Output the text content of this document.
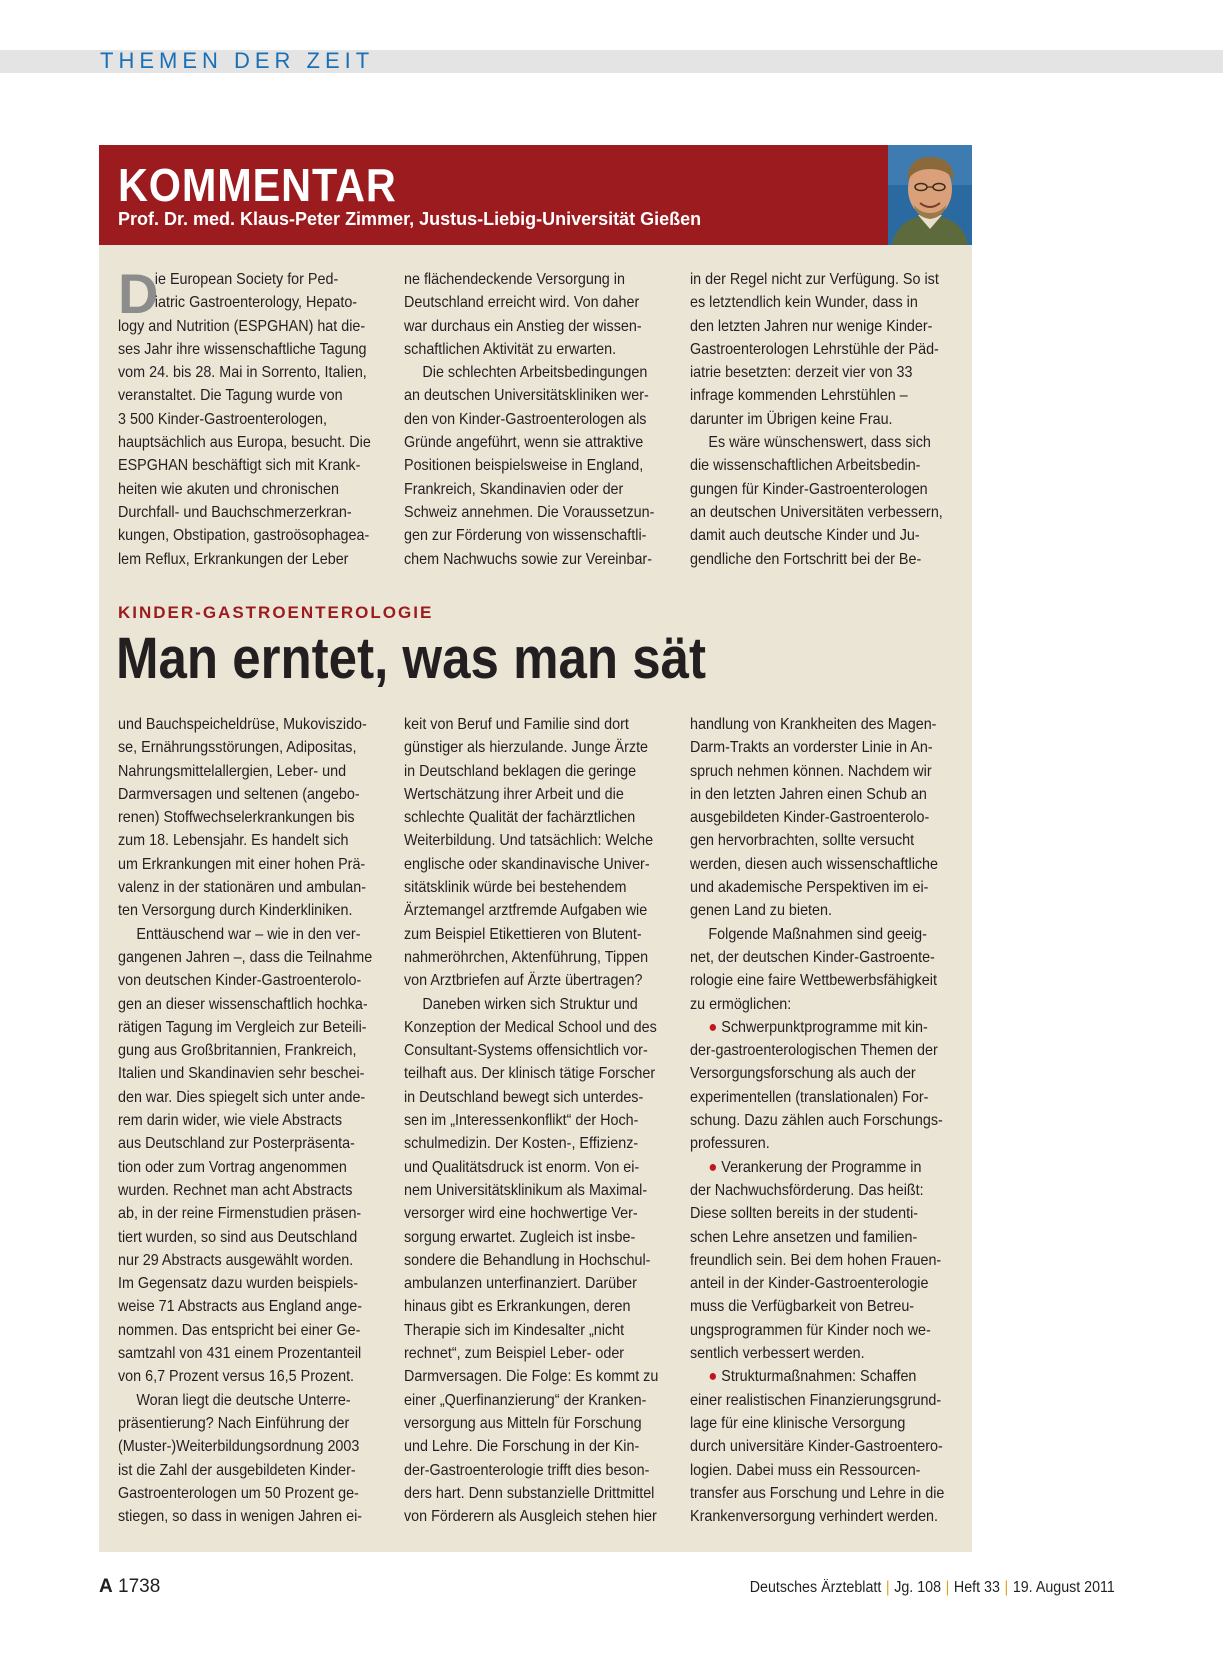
THEMEN DER ZEIT
KOMMENTAR
Prof. Dr. med. Klaus-Peter Zimmer, Justus-Liebig-Universität Gießen
D
ie European Society for Ped-
iatric Gastroenterology, Hepato-
logy and Nutrition (ESPGHAN) hat die-
ses Jahr ihre wissenschaftliche Tagung
vom 24. bis 28. Mai in Sorrento, Italien,
veranstaltet. Die Tagung wurde von
3 500 Kinder-Gastroenterologen,
hauptsächlich aus Europa, besucht. Die
ESPGHAN beschäftigt sich mit Krank-
heiten wie akuten und chronischen
Durchfall- und Bauchschmerzerkran-
kungen, Obstipation, gastroösophagea-
lem Reflux, Erkrankungen der Leber
ne flächendeckende Versorgung in
Deutschland erreicht wird. Von daher
war durchaus ein Anstieg der wissen-
schaftlichen Aktivität zu erwarten.
Die schlechten Arbeitsbedingungen
an deutschen Universitätskliniken wer-
den von Kinder-Gastroenterologen als
Gründe angeführt, wenn sie attraktive
Positionen beispielsweise in England,
Frankreich, Skandinavien oder der
Schweiz annehmen. Die Voraussetzun-
gen zur Förderung von wissenschaftli-
chem Nachwuchs sowie zur Vereinbar-
in der Regel nicht zur Verfügung. So ist
es letztendlich kein Wunder, dass in
den letzten Jahren nur wenige Kinder-
Gastroenterologen Lehrstühle der Päd-
iatrie besetzten: derzeit vier von 33
infrage kommenden Lehrstühlen –
darunter im Übrigen keine Frau.
Es wäre wünschenswert, dass sich
die wissenschaftlichen Arbeitsbedin-
gungen für Kinder-Gastroenterologen
an deutschen Universitäten verbessern,
damit auch deutsche Kinder und Ju-
gendliche den Fortschritt bei der Be-
KINDER-GASTROENTEROLOGIE
Man erntet, was man sät
und Bauchspeicheldrüse, Mukoviszido-
se, Ernährungsstörungen, Adipositas,
Nahrungsmittelallergien, Leber- und
Darmversagen und seltenen (angebo-
renen) Stoffwechselerkrankungen bis
zum 18. Lebensjahr. Es handelt sich
um Erkrankungen mit einer hohen Prä-
valenz in der stationären und ambulan-
ten Versorgung durch Kinderkliniken.
Enttäuschend war – wie in den ver-
gangenen Jahren –, dass die Teilnahme
von deutschen Kinder-Gastroenterolo-
gen an dieser wissenschaftlich hochka-
rätigen Tagung im Vergleich zur Beteili-
gung aus Großbritannien, Frankreich,
Italien und Skandinavien sehr beschei-
den war. Dies spiegelt sich unter ande-
rem darin wider, wie viele Abstracts
aus Deutschland zur Posterpräsenta-
tion oder zum Vortrag angenommen
wurden. Rechnet man acht Abstracts
ab, in der reine Firmenstudien präsen-
tiert wurden, so sind aus Deutschland
nur 29 Abstracts ausgewählt worden.
Im Gegensatz dazu wurden beispiels-
weise 71 Abstracts aus England ange-
nommen. Das entspricht bei einer Ge-
samtzahl von 431 einem Prozentanteil
von 6,7 Prozent versus 16,5 Prozent.
Woran liegt die deutsche Unterre-
präsentierung? Nach Einführung der
(Muster-)Weiterbildungsordnung 2003
ist die Zahl der ausgebildeten Kinder-
Gastroenterologen um 50 Prozent ge-
stiegen, so dass in wenigen Jahren ei-
keit von Beruf und Familie sind dort
günstiger als hierzulande. Junge Ärzte
in Deutschland beklagen die geringe
Wertschätzung ihrer Arbeit und die
schlechte Qualität der fachärztlichen
Weiterbildung. Und tatsächlich: Welche
englische oder skandinavische Univer-
sitätsklinik würde bei bestehendem
Ärztemangel arztfremde Aufgaben wie
zum Beispiel Etikettieren von Blutent-
nahmeröhrchen, Aktenführung, Tippen
von Arztbriefen auf Ärzte übertragen?
Daneben wirken sich Struktur und
Konzeption der Medical School und des
Consultant-Systems offensichtlich vor-
teilhaft aus. Der klinisch tätige Forscher
in Deutschland bewegt sich unterdes-
sen im „Interessenkonflikt“ der Hoch-
schulmedizin. Der Kosten-, Effizienz-
und Qualitätsdruck ist enorm. Von ei-
nem Universitätsklinikum als Maximal-
versorger wird eine hochwertige Ver-
sorgung erwartet. Zugleich ist insbe-
sondere die Behandlung in Hochschul-
ambulanzen unterfinanziert. Darüber
hinaus gibt es Erkrankungen, deren
Therapie sich im Kindesalter „nicht
rechnet“, zum Beispiel Leber- oder
Darmversagen. Die Folge: Es kommt zu
einer „Querfinanzierung“ der Kranken-
versorgung aus Mitteln für Forschung
und Lehre. Die Forschung in der Kin-
der-Gastroenterologie trifft dies beson-
ders hart. Denn substanzielle Drittmittel
von Förderern als Ausgleich stehen hier
handlung von Krankheiten des Magen-
Darm-Trakts an vorderster Linie in An-
spruch nehmen können. Nachdem wir
in den letzten Jahren einen Schub an
ausgebildeten Kinder-Gastroenterolo-
gen hervorbrachten, sollte versucht
werden, diesen auch wissenschaftliche
und akademische Perspektiven im ei-
genen Land zu bieten.
Folgende Maßnahmen sind geeig-
net, der deutschen Kinder-Gastroente-
rologie eine faire Wettbewerbsfähigkeit
zu ermöglichen:
● Schwerpunktprogramme mit kin-
der-gastroenterologischen Themen der
Versorgungsforschung als auch der
experimentellen (translationalen) For-
schung. Dazu zählen auch Forschungs-
professuren.
● Verankerung der Programme in
der Nachwuchsförderung. Das heißt:
Diese sollten bereits in der studenti-
schen Lehre ansetzen und familien-
freundlich sein. Bei dem hohen Frauen-
anteil in der Kinder-Gastroenterologie
muss die Verfügbarkeit von Betreu-
ungsprogrammen für Kinder noch we-
sentlich verbessert werden.
● Strukturmaßnahmen: Schaffen
einer realistischen Finanzierungsgrund-
lage für eine klinische Versorgung
durch universitäre Kinder-Gastroentero-
logien. Dabei muss ein Ressourcen-
transfer aus Forschung und Lehre in die
Krankenversorgung verhindert werden.
A 1738	Deutsches Ärzteblatt | Jg. 108 | Heft 33 | 19. August 2011
